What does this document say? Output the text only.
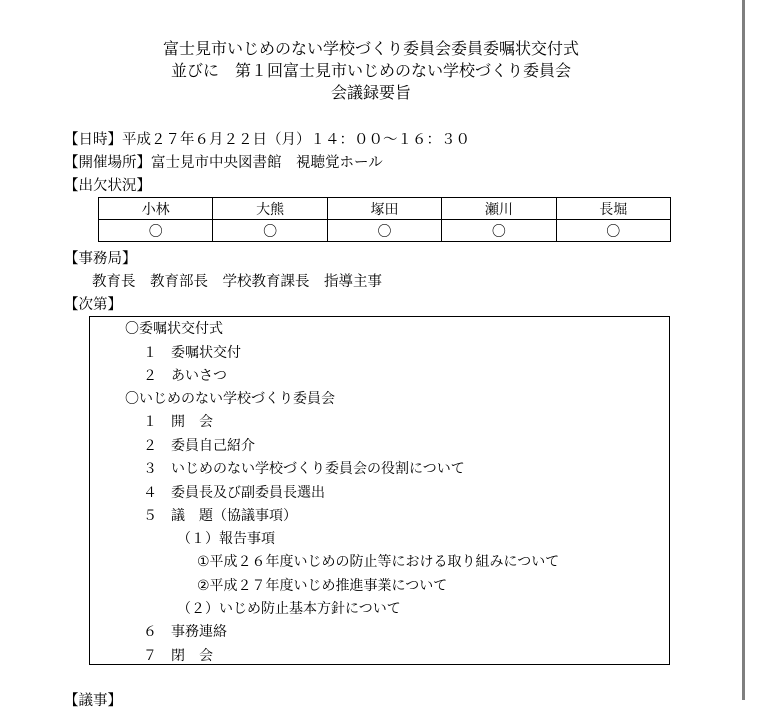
富士見市いじめのない学校づくり委員会委員委嘱状交付式
並びに　第１回富士見市いじめのない学校づくり委員会
会議録要旨
【日時】平成２７年６月２２日（月）１４：００～１６：３０
【開催場所】富士見市中央図書館　視聴覚ホール
【出欠状況】
小林	大熊	塚田	瀬川	長堀
〇	〇	〇	〇	〇
【事務局】
教育長　教育部長　学校教育課長　指導主事
【次第】
〇委嘱状交付式
１　委嘱状交付
２　あいさつ
〇いじめのない学校づくり委員会
１　開　会
２　委員自己紹介
３　いじめのない学校づくり委員会の役割について
４　委員長及び副委員長選出
５　議　題（協議事項）
（１）報告事項
①平成２６年度いじめの防止等における取り組みについて
②平成２７年度いじめ推進事業について
（２）いじめ防止基本方針について
６　事務連絡
７　閉　会
【議事】
